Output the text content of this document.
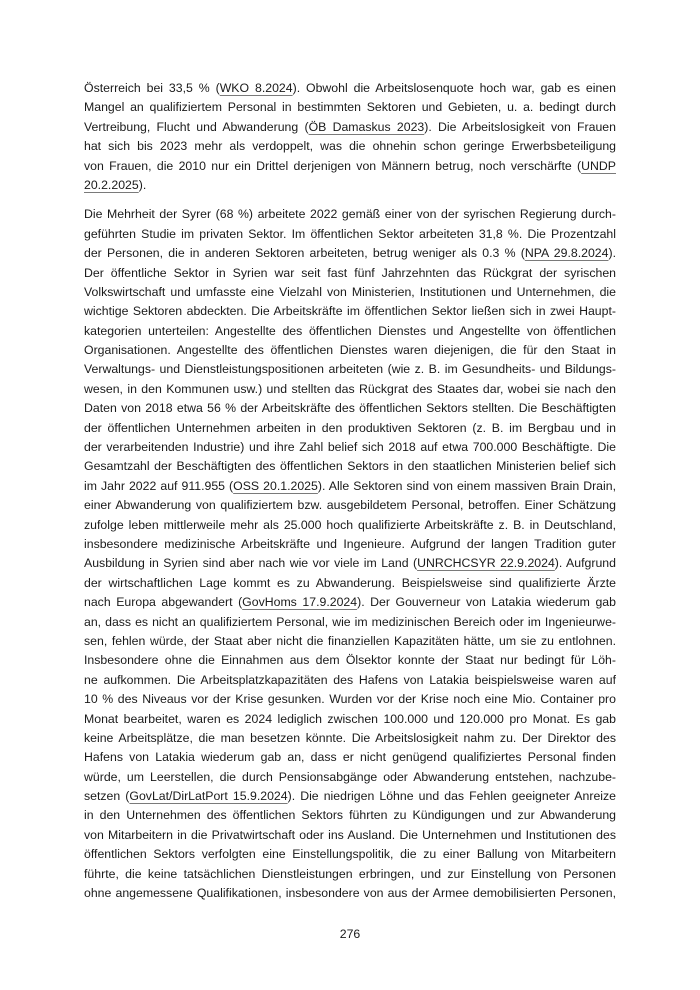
Österreich bei 33,5 % (WKO 8.2024). Obwohl die Arbeitslosenquote hoch war, gab es einen
Mangel an qualifiziertem Personal in bestimmten Sektoren und Gebieten, u. a. bedingt durch
Vertreibung, Flucht und Abwanderung (ÖB Damaskus 2023). Die Arbeitslosigkeit von Frauen
hat sich bis 2023 mehr als verdoppelt, was die ohnehin schon geringe Erwerbsbeteiligung
von Frauen, die 2010 nur ein Drittel derjenigen von Männern betrug, noch verschärfte (UNDP
20.2.2025).
Die Mehrheit der Syrer (68 %) arbeitete 2022 gemäß einer von der syrischen Regierung durch-
geführten Studie im privaten Sektor. Im öffentlichen Sektor arbeiteten 31,8 %. Die Prozentzahl
der Personen, die in anderen Sektoren arbeiteten, betrug weniger als 0.3 % (NPA 29.8.2024).
Der öffentliche Sektor in Syrien war seit fast fünf Jahrzehnten das Rückgrat der syrischen
Volkswirtschaft und umfasste eine Vielzahl von Ministerien, Institutionen und Unternehmen, die
wichtige Sektoren abdeckten. Die Arbeitskräfte im öffentlichen Sektor ließen sich in zwei Haupt-
kategorien unterteilen: Angestellte des öffentlichen Dienstes und Angestellte von öffentlichen
Organisationen. Angestellte des öffentlichen Dienstes waren diejenigen, die für den Staat in
Verwaltungs- und Dienstleistungspositionen arbeiteten (wie z. B. im Gesundheits- und Bildungs-
wesen, in den Kommunen usw.) und stellten das Rückgrat des Staates dar, wobei sie nach den
Daten von 2018 etwa 56 % der Arbeitskräfte des öffentlichen Sektors stellten. Die Beschäftigten
der öffentlichen Unternehmen arbeiten in den produktiven Sektoren (z. B. im Bergbau und in
der verarbeitenden Industrie) und ihre Zahl belief sich 2018 auf etwa 700.000 Beschäftigte. Die
Gesamtzahl der Beschäftigten des öffentlichen Sektors in den staatlichen Ministerien belief sich
im Jahr 2022 auf 911.955 (OSS 20.1.2025). Alle Sektoren sind von einem massiven Brain Drain,
einer Abwanderung von qualifiziertem bzw. ausgebildetem Personal, betroffen. Einer Schätzung
zufolge leben mittlerweile mehr als 25.000 hoch qualifizierte Arbeitskräfte z. B. in Deutschland,
insbesondere medizinische Arbeitskräfte und Ingenieure. Aufgrund der langen Tradition guter
Ausbildung in Syrien sind aber nach wie vor viele im Land (UNRCHCSYR 22.9.2024). Aufgrund
der wirtschaftlichen Lage kommt es zu Abwanderung. Beispielsweise sind qualifizierte Ärzte
nach Europa abgewandert (GovHoms 17.9.2024). Der Gouverneur von Latakia wiederum gab
an, dass es nicht an qualifiziertem Personal, wie im medizinischen Bereich oder im Ingenieurwe-
sen, fehlen würde, der Staat aber nicht die finanziellen Kapazitäten hätte, um sie zu entlohnen.
Insbesondere ohne die Einnahmen aus dem Ölsektor konnte der Staat nur bedingt für Löh-
ne aufkommen. Die Arbeitsplatzkapazitäten des Hafens von Latakia beispielsweise waren auf
10 % des Niveaus vor der Krise gesunken. Wurden vor der Krise noch eine Mio. Container pro
Monat bearbeitet, waren es 2024 lediglich zwischen 100.000 und 120.000 pro Monat. Es gab
keine Arbeitsplätze, die man besetzen könnte. Die Arbeitslosigkeit nahm zu. Der Direktor des
Hafens von Latakia wiederum gab an, dass er nicht genügend qualifiziertes Personal finden
würde, um Leerstellen, die durch Pensionsabgänge oder Abwanderung entstehen, nachzube-
setzen (GovLat/DirLatPort 15.9.2024). Die niedrigen Löhne und das Fehlen geeigneter Anreize
in den Unternehmen des öffentlichen Sektors führten zu Kündigungen und zur Abwanderung
von Mitarbeitern in die Privatwirtschaft oder ins Ausland. Die Unternehmen und Institutionen des
öffentlichen Sektors verfolgten eine Einstellungspolitik, die zu einer Ballung von Mitarbeitern
führte, die keine tatsächlichen Dienstleistungen erbringen, und zur Einstellung von Personen
ohne angemessene Qualifikationen, insbesondere von aus der Armee demobilisierten Personen,
276
